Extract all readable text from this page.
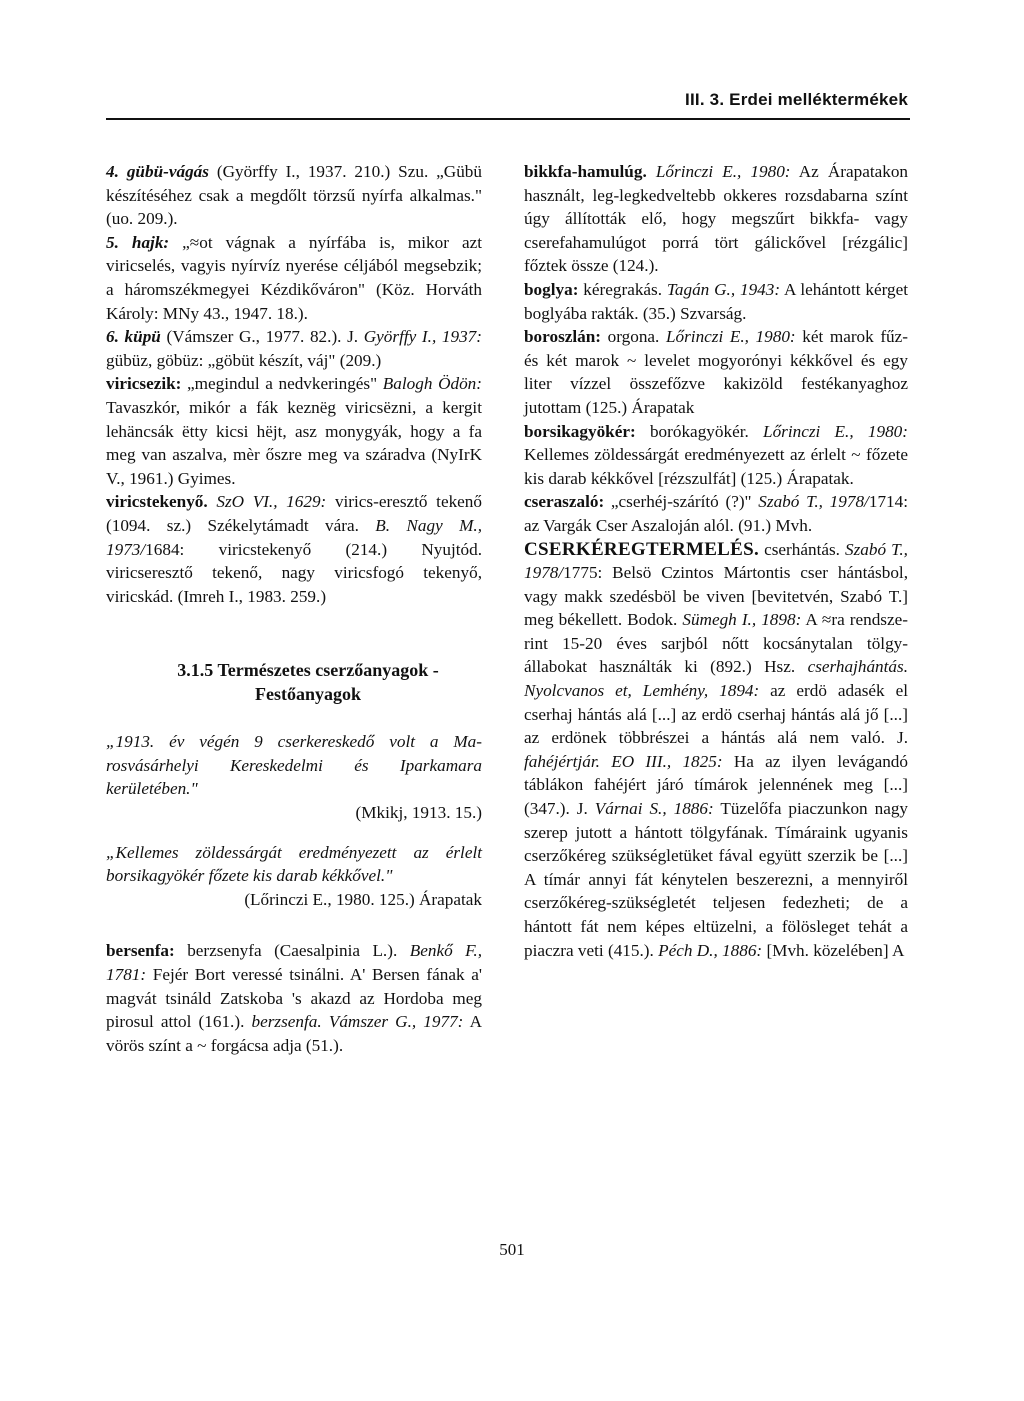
III. 3. Erdei melléktermékek

4. gübü-vágás (Györffy I., 1937. 210.) Szu. „Gübü készítéséhez csak a megdőlt törzsű nyírfa alkalmas." (uo. 209.).

5. hajk: „≈ot vágnak a nyírfába is, mikor azt viricselés, vagyis nyírvíz nyerése céljából megsebzik; a háromszékmegyei Kézdikőváron" (Köz. Horváth Károly: MNy 43., 1947. 18.).

6. küpü (Vámszer G., 1977. 82.). J. Györffy I., 1937: gübüz, göbüz: „göbüt készít, váj" (209.)

viricsezik: „megindul a nedvkeringés" Balogh Ödön: Tavaszkór, mikór a fák keznëg viricsëzni, a kergit lehäncsák ëtty kicsi hëjt, asz monygyák, hogy a fa meg van aszalva, mèr őszre meg va száradva (NyIrK V., 1961.) Gyimes.

viricstekenyő. SzO VI., 1629: virics-eresztő tekenő (1094. sz.) Székelytámadt vára. B. Nagy M., 1973/1684: viricstekenyő (214.) Nyujtód. viricseresztő tekenő, nagy viricsfogó tekenyő, viricskád. (Imreh I., 1983. 259.)

3.1.5 Természetes cserzőanyagok -
Festőanyagok

„1913. év végén 9 cserkereskedő volt a Marosvásárhelyi Kereskedelmi és Iparkamara kerületében."

(Mkikj, 1913. 15.)

„Kellemes zöldessárgát eredményezett az érlelt borsikagyökér főzete kis darab kékkővel."

(Lőrinczi E., 1980. 125.) Árapatak

bersenfa: berzsenyfa (Caesalpinia L.). Benkő F., 1781: Fejér Bort veressé tsinálni. A' Bersen fának a' magvát tsináld Zatskoba 's akazd az Hordoba meg pirosul attol (161.). berzsenfa. Vámszer G., 1977: A vörös színt a ~ forgácsa adja (51.).

bikkfa-hamulúg. Lőrinczi E., 1980: Az Árapatakon használt, leg-legkedveltebb okkeres rozsdabarna színt úgy állították elő, hogy megszűrt bikkfa- vagy cserefahamulúgot porrá tört gálickővel [rézgálic] főztek össze (124.).

boglya: kéregrakás. Tagán G., 1943: A lehántott kérget boglyába rakták. (35.) Szvarság.

boroszlán: orgona. Lőrinczi E., 1980: két marok fűz- és két marok ~ levelet mogyorónyi kékkővel és egy liter vízzel összefőzve kakizöld festékanyaghoz jutottam (125.) Árapatak

borsikagyökér: borókagyökér. Lőrinczi E., 1980: Kellemes zöldessárgát eredményezett az érlelt ~ főzete kis darab kékkővel [rézszulfát] (125.) Árapatak.

cseraszaló: „cserhéj-szárító (?)" Szabó T., 1978/1714: az Vargák Cser Aszaloján alól. (91.) Mvh.

CSERKÉREGTERMELÉS. cserhántás. Szabó T., 1978/1775: Belsö Czintos Mártontis cser hántásbol, vagy makk szedésböl be viven [bevitetvén, Szabó T.] meg békellett. Bodok. Sümegh I., 1898: A ≈ra rendszerint 15-20 éves sarjból nőtt kocsánytalan tölgy-állabokat használták ki (892.) Hsz. cserhajhántás. Nyolcvanos et, Lemhény, 1894: az erdö adasék el cserhaj hántás alá [...] az erdö cserhaj hántás alá jő [...] az erdönek többrészei a hántás alá nem való. J. fahéjértjár. EO III., 1825: Ha az ilyen levágandó táblákon fahéjért járó tímárok jelennének meg [...] (347.). J. Várnai S., 1886: Tüzelőfa piaczunkon nagy szerep jutott a hántott tölgyfának. Tímáraink ugyanis cserzőkéreg szükségletüket fával együtt szerzik be [...] A tímár annyi fát kénytelen beszerezni, a mennyiről cserzőkéreg-szükségletét teljesen fedezheti; de a hántott fát nem képes eltüzelni, a fölösleget tehát a piaczra veti (415.). Péch D., 1886: [Mvh. közelében] A

501
